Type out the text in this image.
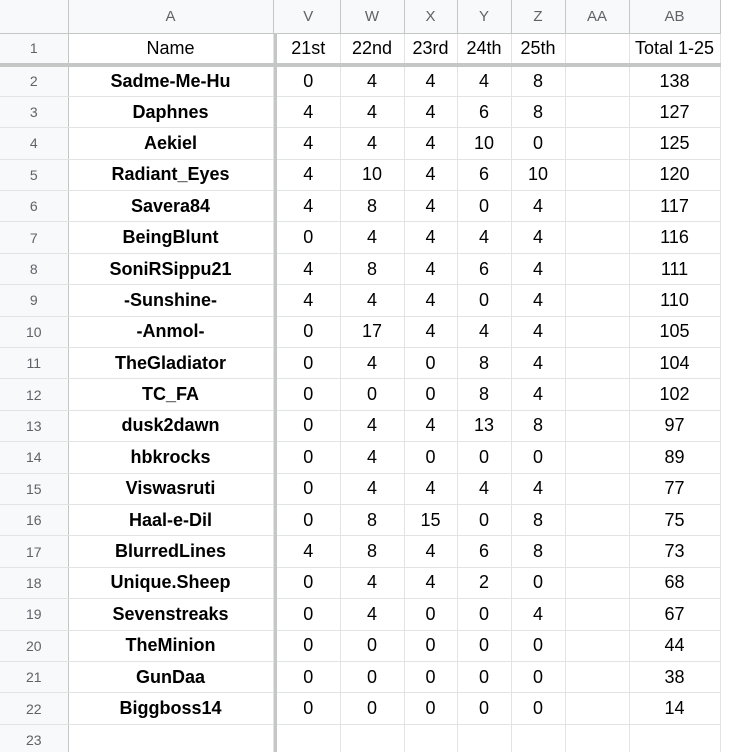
	A		V	W	X	Y	Z	AA	AB
1	Name		21st	22nd	23rd	24th	25th		Total 1-25
2	Sadme-Me-Hu		0	4	4	4	8		138
3	Daphnes		4	4	4	6	8		127
4	Aekiel		4	4	4	10	0		125
5	Radiant_Eyes		4	10	4	6	10		120
6	Savera84		4	8	4	0	4		117
7	BeingBlunt		0	4	4	4	4		116
8	SoniRSippu21		4	8	4	6	4		111
9	-Sunshine-		4	4	4	0	4		110
10	-Anmol-		0	17	4	4	4		105
11	TheGladiator		0	4	0	8	4		104
12	TC_FA		0	0	0	8	4		102
13	dusk2dawn		0	4	4	13	8		97
14	hbkrocks		0	4	0	0	0		89
15	Viswasruti		0	4	4	4	4		77
16	Haal-e-Dil		0	8	15	0	8		75
17	BlurredLines		4	8	4	6	8		73
18	Unique.Sheep		0	4	4	2	0		68
19	Sevenstreaks		0	4	0	0	4		67
20	TheMinion		0	0	0	0	0		44
21	GunDaa		0	0	0	0	0		38
22	Biggboss14		0	0	0	0	0		14
23									
